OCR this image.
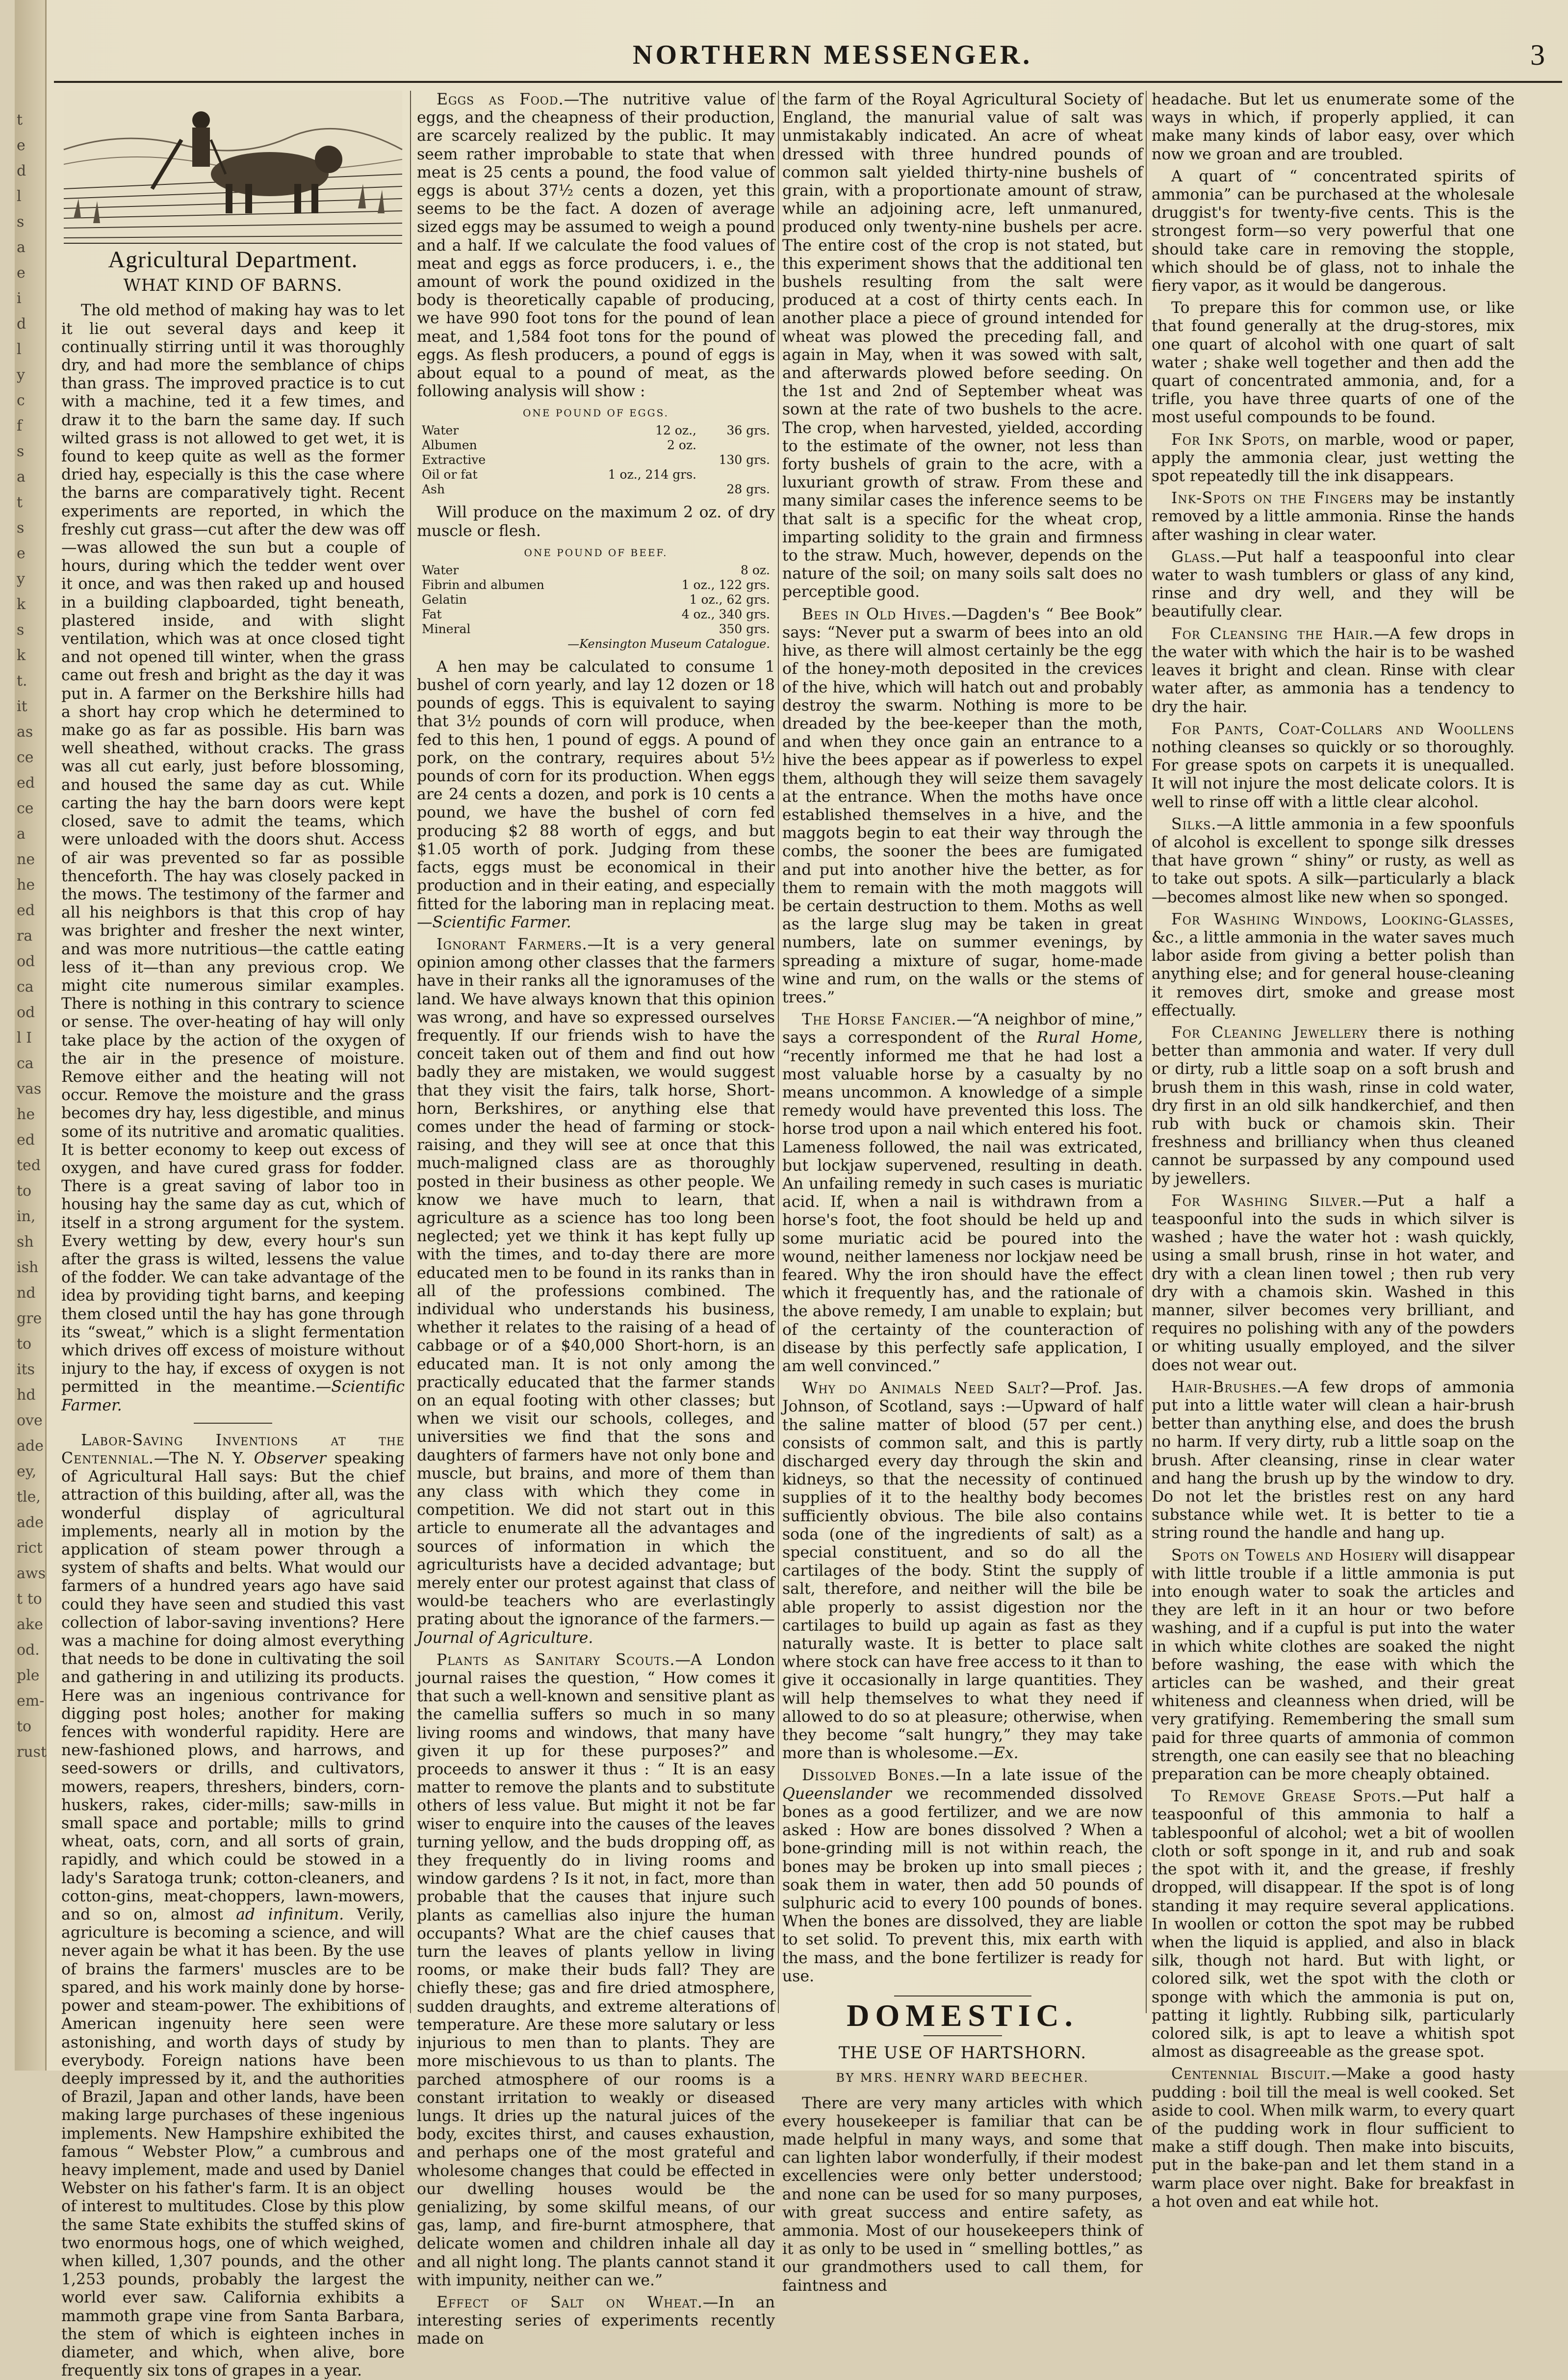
t
e
d
l
s
a
e
i
d
l
y
c
f
s
a
t
s
e
y
k
s
k
t.
it
as
ce
ed
ce
a
ne
he
ed
ra
od
ca
od
l I
ca
vas
he
ed
ted
to
in,
sh
ish
nd
gre
to
its
hd
ove
ade
ey,
tle,
ade
rict
aws
t to
ake
od.
ple
em-
to
rust
NORTHERN MESSENGER.	3
Agricultural Department.
WHAT KIND OF BARNS.

The old method of making hay was to let it lie out several days and keep it continually stirring until it was thoroughly dry, and had more the semblance of chips than grass. The improved practice is to cut with a machine, ted it a few times, and draw it to the barn the same day. If such wilted grass is not allowed to get wet, it is found to keep quite as well as the former dried hay, especially is this the case where the barns are comparatively tight. Recent experiments are reported, in which the freshly cut grass—cut after the dew was off—was allowed the sun but a couple of hours, during which the tedder went over it once, and was then raked up and housed in a building clapboarded, tight beneath, plastered inside, and with slight ventilation, which was at once closed tight and not opened till winter, when the grass came out fresh and bright as the day it was put in. A farmer on the Berkshire hills had a short hay crop which he determined to make go as far as possible. His barn was well sheathed, without cracks. The grass was all cut early, just before blossoming, and housed the same day as cut. While carting the hay the barn doors were kept closed, save to admit the teams, which were unloaded with the doors shut. Access of air was prevented so far as possible thenceforth. The hay was closely packed in the mows. The testimony of the farmer and all his neighbors is that this crop of hay was brighter and fresher the next winter, and was more nutritious—the cattle eating less of it—than any previous crop. We might cite numerous similar examples. There is nothing in this contrary to science or sense. The over-heating of hay will only take place by the action of the oxygen of the air in the presence of moisture. Remove either and the heating will not occur. Remove the moisture and the grass becomes dry hay, less digestible, and minus some of its nutritive and aromatic qualities. It is better economy to keep out excess of oxygen, and have cured grass for fodder. There is a great saving of labor too in housing hay the same day as cut, which of itself in a strong argument for the system. Every wetting by dew, every hour's sun after the grass is wilted, lessens the value of the fodder. We can take advantage of the idea by providing tight barns, and keeping them closed until the hay has gone through its “sweat,” which is a slight fermentation which drives off excess of moisture without injury to the hay, if excess of oxygen is not permitted in the meantime.—Scientific Farmer.

Labor-Saving Inventions at the Centennial.—The N. Y. Observer speaking of Agricultural Hall says: But the chief attraction of this building, after all, was the wonderful display of agricultural implements, nearly all in motion by the application of steam power through a system of shafts and belts. What would our farmers of a hundred years ago have said could they have seen and studied this vast collection of labor-saving inventions? Here was a machine for doing almost everything that needs to be done in cultivating the soil and gathering in and utilizing its products. Here was an ingenious contrivance for digging post holes; another for making fences with wonderful rapidity. Here are new-fashioned plows, and harrows, and seed-sowers or drills, and cultivators, mowers, reapers, threshers, binders, corn-huskers, rakes, cider-mills; saw-mills in small space and portable; mills to grind wheat, oats, corn, and all sorts of grain, rapidly, and which could be stowed in a lady's Saratoga trunk; cotton-cleaners, and cotton-gins, meat-choppers, lawn-mowers, and so on, almost ad infinitum. Verily, agriculture is becoming a science, and will never again be what it has been. By the use of brains the farmers' muscles are to be spared, and his work mainly done by horse-power and steam-power. The exhibitions of American ingenuity here seen were astonishing, and worth days of study by everybody. Foreign nations have been deeply impressed by it, and the authorities of Brazil, Japan and other lands, have been making large purchases of these ingenious implements. New Hampshire exhibited the famous “ Webster Plow,” a cumbrous and heavy implement, made and used by Daniel Webster on his father's farm. It is an object of interest to multitudes. Close by this plow the same State exhibits the stuffed skins of two enormous hogs, one of which weighed, when killed, 1,307 pounds, and the other 1,253 pounds, probably the largest the world ever saw. California exhibits a mammoth grape vine from Santa Barbara, the stem of which is eighteen inches in diameter, and which, when alive, bore frequently six tons of grapes in a year.

Eggs as Food.—The nutritive value of eggs, and the cheapness of their production, are scarcely realized by the public. It may seem rather improbable to state that when meat is 25 cents a pound, the food value of eggs is about 37½ cents a dozen, yet this seems to be the fact. A dozen of average sized eggs may be assumed to weigh a pound and a half. If we calculate the food values of meat and eggs as force producers, i. e., the amount of work the pound oxidized in the body is theoretically capable of producing, we have 990 foot tons for the pound of lean meat, and 1,584 foot tons for the pound of eggs. As flesh producers, a pound of eggs is about equal to a pound of meat, as the following analysis will show :

ONE POUND OF EGGS.
Water	12 oz.,	36 grs.
Albumen	2 oz.
Extractive	130 grs.
Oil or fat	1 oz., 214 grs.
Ash	28 grs.

Will produce on the maximum 2 oz. of dry muscle or flesh.

ONE POUND OF BEEF.
Water	8 oz.
Fibrin and albumen	1 oz., 122 grs.
Gelatin	1 oz., 62 grs.
Fat	4 oz., 340 grs.
Mineral	350 grs.
—Kensington Museum Catalogue.

A hen may be calculated to consume 1 bushel of corn yearly, and lay 12 dozen or 18 pounds of eggs. This is equivalent to saying that 3½ pounds of corn will produce, when fed to this hen, 1 pound of eggs. A pound of pork, on the contrary, requires about 5½ pounds of corn for its production. When eggs are 24 cents a dozen, and pork is 10 cents a pound, we have the bushel of corn fed producing $2 88 worth of eggs, and but $1.05 worth of pork. Judging from these facts, eggs must be economical in their production and in their eating, and especially fitted for the laboring man in replacing meat.—Scientific Farmer.

Ignorant Farmers.—It is a very general opinion among other classes that the farmers have in their ranks all the ignoramuses of the land. We have always known that this opinion was wrong, and have so expressed ourselves frequently. If our friends wish to have the conceit taken out of them and find out how badly they are mistaken, we would suggest that they visit the fairs, talk horse, Short-horn, Berkshires, or anything else that comes under the head of farming or stock-raising, and they will see at once that this much-maligned class are as thoroughly posted in their business as other people. We know we have much to learn, that agriculture as a science has too long been neglected; yet we think it has kept fully up with the times, and to-day there are more educated men to be found in its ranks than in all of the professions combined. The individual who understands his business, whether it relates to the raising of a head of cabbage or of a $40,000 Short-horn, is an educated man. It is not only among the practically educated that the farmer stands on an equal footing with other classes; but when we visit our schools, colleges, and universities we find that the sons and daughters of farmers have not only bone and muscle, but brains, and more of them than any class with which they come in competition. We did not start out in this article to enumerate all the advantages and sources of information in which the agriculturists have a decided advantage; but merely enter our protest against that class of would-be teachers who are everlastingly prating about the ignorance of the farmers.—Journal of Agriculture.

Plants as Sanitary Scouts.—A London journal raises the question, “ How comes it that such a well-known and sensitive plant as the camellia suffers so much in so many living rooms and windows, that many have given it up for these purposes?” and proceeds to answer it thus : “ It is an easy matter to remove the plants and to substitute others of less value. But might it not be far wiser to enquire into the causes of the leaves turning yellow, and the buds dropping off, as they frequently do in living rooms and window gardens ? Is it not, in fact, more than probable that the causes that injure such plants as camellias also injure the human occupants? What are the chief causes that turn the leaves of plants yellow in living rooms, or make their buds fall? They are chiefly these; gas and fire dried atmosphere, sudden draughts, and extreme alterations of temperature. Are these more salutary or less injurious to men than to plants. They are more mischievous to us than to plants. The parched atmosphere of our rooms is a constant irritation to weakly or diseased lungs. It dries up the natural juices of the body, excites thirst, and causes exhaustion, and perhaps one of the most grateful and wholesome changes that could be effected in our dwelling houses would be the genializing, by some skilful means, of our gas, lamp, and fire-burnt atmosphere, that delicate women and children inhale all day and all night long. The plants cannot stand it with impunity, neither can we.”

Effect of Salt on Wheat.—In an interesting series of experiments recently made on

the farm of the Royal Agricultural Society of England, the manurial value of salt was unmistakably indicated. An acre of wheat dressed with three hundred pounds of common salt yielded thirty-nine bushels of grain, with a proportionate amount of straw, while an adjoining acre, left unmanured, produced only twenty-nine bushels per acre. The entire cost of the crop is not stated, but this experiment shows that the additional ten bushels resulting from the salt were produced at a cost of thirty cents each. In another place a piece of ground intended for wheat was plowed the preceding fall, and again in May, when it was sowed with salt, and afterwards plowed before seeding. On the 1st and 2nd of September wheat was sown at the rate of two bushels to the acre. The crop, when harvested, yielded, according to the estimate of the owner, not less than forty bushels of grain to the acre, with a luxuriant growth of straw. From these and many similar cases the inference seems to be that salt is a specific for the wheat crop, imparting solidity to the grain and firmness to the straw. Much, however, depends on the nature of the soil; on many soils salt does no perceptible good.

Bees in Old Hives.—Dagden's “ Bee Book” says: “Never put a swarm of bees into an old hive, as there will almost certainly be the egg of the honey-moth deposited in the crevices of the hive, which will hatch out and probably destroy the swarm. Nothing is more to be dreaded by the bee-keeper than the moth, and when they once gain an entrance to a hive the bees appear as if powerless to expel them, although they will seize them savagely at the entrance. When the moths have once established themselves in a hive, and the maggots begin to eat their way through the combs, the sooner the bees are fumigated and put into another hive the better, as for them to remain with the moth maggots will be certain destruction to them. Moths as well as the large slug may be taken in great numbers, late on summer evenings, by spreading a mixture of sugar, home-made wine and rum, on the walls or the stems of trees.”

The Horse Fancier.—“A neighbor of mine,” says a correspondent of the Rural Home, “recently informed me that he had lost a most valuable horse by a casualty by no means uncommon. A knowledge of a simple remedy would have prevented this loss. The horse trod upon a nail which entered his foot. Lameness followed, the nail was extricated, but lockjaw supervened, resulting in death. An unfailing remedy in such cases is muriatic acid. If, when a nail is withdrawn from a horse's foot, the foot should be held up and some muriatic acid be poured into the wound, neither lameness nor lockjaw need be feared. Why the iron should have the effect which it frequently has, and the rationale of the above remedy, I am unable to explain; but of the certainty of the counteraction of disease by this perfectly safe application, I am well convinced.”

Why do Animals Need Salt?—Prof. Jas. Johnson, of Scotland, says :—Upward of half the saline matter of blood (57 per cent.) consists of common salt, and this is partly discharged every day through the skin and kidneys, so that the necessity of continued supplies of it to the healthy body becomes sufficiently obvious. The bile also contains soda (one of the ingredients of salt) as a special constituent, and so do all the cartilages of the body. Stint the supply of salt, therefore, and neither will the bile be able properly to assist digestion nor the cartilages to build up again as fast as they naturally waste. It is better to place salt where stock can have free access to it than to give it occasionally in large quantities. They will help themselves to what they need if allowed to do so at pleasure; otherwise, when they become “salt hungry,” they may take more than is wholesome.—Ex.

Dissolved Bones.—In a late issue of the Queenslander we recommended dissolved bones as a good fertilizer, and we are now asked : How are bones dissolved ? When a bone-grinding mill is not within reach, the bones may be broken up into small pieces ; soak them in water, then add 50 pounds of sulphuric acid to every 100 pounds of bones. When the bones are dissolved, they are liable to set solid. To prevent this, mix earth with the mass, and the bone fertilizer is ready for use.

DOMESTIC.
THE USE OF HARTSHORN.
BY MRS. HENRY WARD BEECHER.

There are very many articles with which every housekeeper is familiar that can be made helpful in many ways, and some that can lighten labor wonderfully, if their modest excellencies were only better understood; and none can be used for so many purposes, with great success and entire safety, as ammonia. Most of our housekeepers think of it as only to be used in “ smelling bottles,” as our grandmothers used to call them, for faintness and

headache. But let us enumerate some of the ways in which, if properly applied, it can make many kinds of labor easy, over which now we groan and are troubled.

A quart of “ concentrated spirits of ammonia” can be purchased at the wholesale druggist's for twenty-five cents. This is the strongest form—so very powerful that one should take care in removing the stopple, which should be of glass, not to inhale the fiery vapor, as it would be dangerous.

To prepare this for common use, or like that found generally at the drug-stores, mix one quart of alcohol with one quart of salt water ; shake well together and then add the quart of concentrated ammonia, and, for a trifle, you have three quarts of one of the most useful compounds to be found.

For Ink Spots, on marble, wood or paper, apply the ammonia clear, just wetting the spot repeatedly till the ink disappears.

Ink-Spots on the Fingers may be instantly removed by a little ammonia. Rinse the hands after washing in clear water.

Glass.—Put half a teaspoonful into clear water to wash tumblers or glass of any kind, rinse and dry well, and they will be beautifully clear.

For Cleansing the Hair.—A few drops in the water with which the hair is to be washed leaves it bright and clean. Rinse with clear water after, as ammonia has a tendency to dry the hair.

For Pants, Coat-Collars and Woollens nothing cleanses so quickly or so thoroughly. For grease spots on carpets it is unequalled. It will not injure the most delicate colors. It is well to rinse off with a little clear alcohol.

Silks.—A little ammonia in a few spoonfuls of alcohol is excellent to sponge silk dresses that have grown “ shiny” or rusty, as well as to take out spots. A silk—particularly a black—becomes almost like new when so sponged.

For Washing Windows, Looking-Glasses, &c., a little ammonia in the water saves much labor aside from giving a better polish than anything else; and for general house-cleaning it removes dirt, smoke and grease most effectually.

For Cleaning Jewellery there is nothing better than ammonia and water. If very dull or dirty, rub a little soap on a soft brush and brush them in this wash, rinse in cold water, dry first in an old silk handkerchief, and then rub with buck or chamois skin. Their freshness and brilliancy when thus cleaned cannot be surpassed by any compound used by jewellers.

For Washing Silver.—Put a half a teaspoonful into the suds in which silver is washed ; have the water hot : wash quickly, using a small brush, rinse in hot water, and dry with a clean linen towel ; then rub very dry with a chamois skin. Washed in this manner, silver becomes very brilliant, and requires no polishing with any of the powders or whiting usually employed, and the silver does not wear out.

Hair-Brushes.—A few drops of ammonia put into a little water will clean a hair-brush better than anything else, and does the brush no harm. If very dirty, rub a little soap on the brush. After cleansing, rinse in clear water and hang the brush up by the window to dry. Do not let the bristles rest on any hard substance while wet. It is better to tie a string round the handle and hang up.

Spots on Towels and Hosiery will disappear with little trouble if a little ammonia is put into enough water to soak the articles and they are left in it an hour or two before washing, and if a cupful is put into the water in which white clothes are soaked the night before washing, the ease with which the articles can be washed, and their great whiteness and cleanness when dried, will be very gratifying. Remembering the small sum paid for three quarts of ammonia of common strength, one can easily see that no bleaching preparation can be more cheaply obtained.

To Remove Grease Spots.—Put half a teaspoonful of this ammonia to half a tablespoonful of alcohol; wet a bit of woollen cloth or soft sponge in it, and rub and soak the spot with it, and the grease, if freshly dropped, will disappear. If the spot is of long standing it may require several applications. In woollen or cotton the spot may be rubbed when the liquid is applied, and also in black silk, though not hard. But with light, or colored silk, wet the spot with the cloth or sponge with which the ammonia is put on, patting it lightly. Rubbing silk, particularly colored silk, is apt to leave a whitish spot almost as disagreeable as the grease spot.

Centennial Biscuit.—Make a good hasty pudding : boil till the meal is well cooked. Set aside to cool. When milk warm, to every quart of the pudding work in flour sufficient to make a stiff dough. Then make into biscuits, put in the bake-pan and let them stand in a warm place over night. Bake for breakfast in a hot oven and eat while hot.
